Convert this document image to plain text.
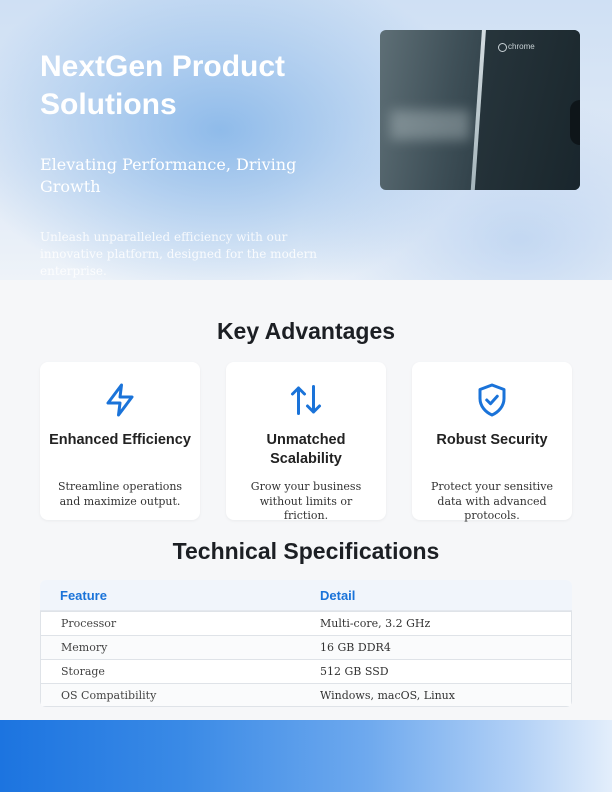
NextGen Product Solutions
Elevating Performance, Driving Growth
Unleash unparalleled efficiency with our innovative platform, designed for the modern enterprise.
chrome
Key Advantages
Enhanced Efficiency
Streamline operations and maximize output.
Unmatched Scalability
Grow your business without limits or friction.
Robust Security
Protect your sensitive data with advanced protocols.
Technical Specifications
Feature	Detail
Processor	Multi-core, 3.2 GHz
Memory	16 GB DDR4
Storage	512 GB SSD
OS Compatibility	Windows, macOS, Linux
